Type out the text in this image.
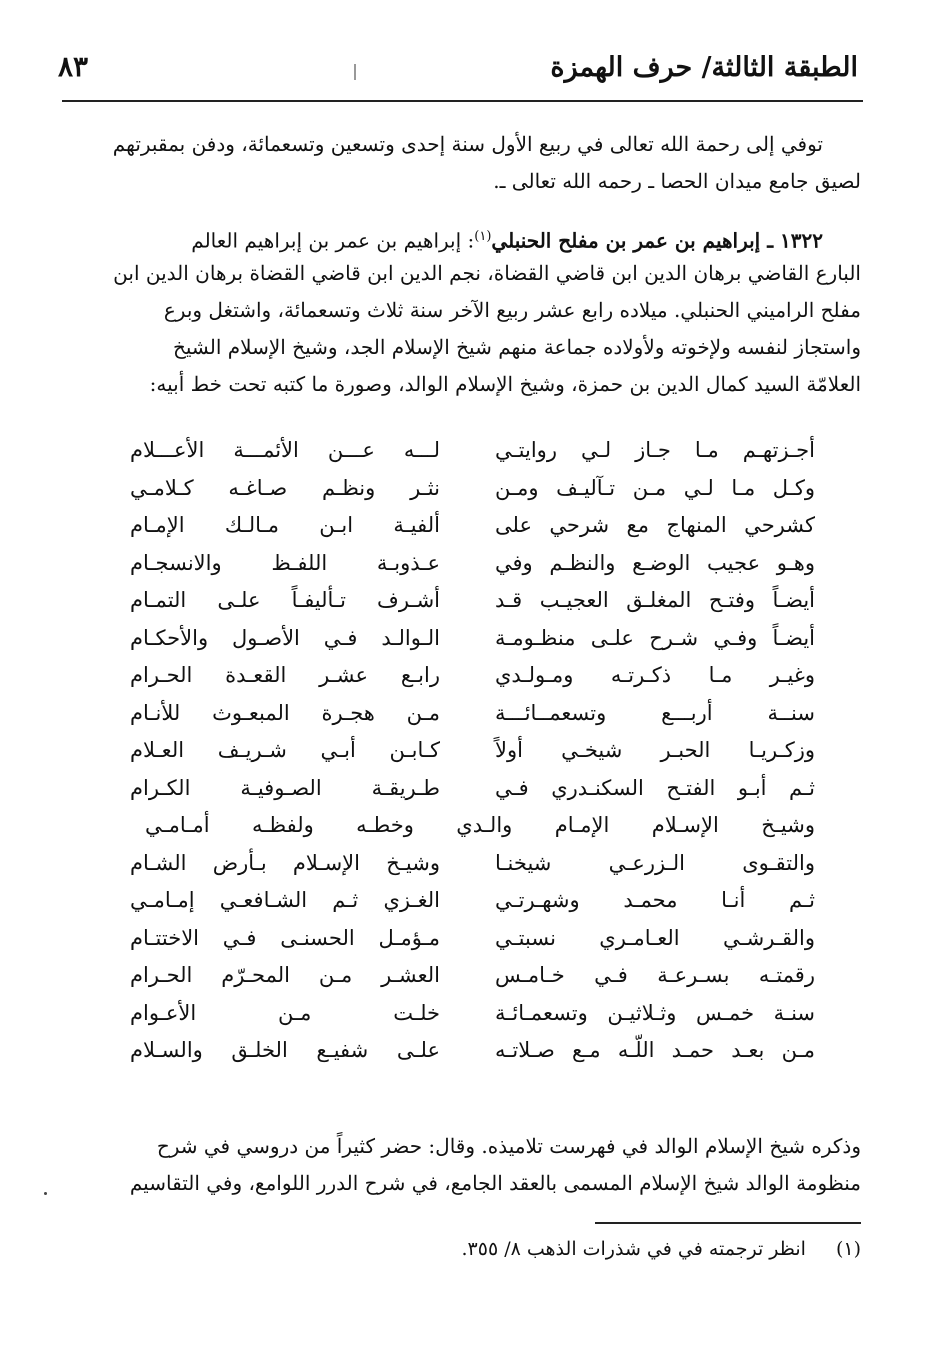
الطبقة الثالثة/ حرف الهمزة
٨٣
توفي إلى رحمة الله تعالى في ربيع الأول سنة إحدى وتسعين وتسعمائة، ودفن بمقبرتهم
لصيق جامع ميدان الحصا ـ رحمه الله تعالى ـ.
١٣٢٢ ـ إبراهيم بن عمر بن مفلح الحنبلي$^{(١)}$: إبراهيم بن عمر بن إبراهيم العالم
البارع القاضي برهان الدين ابن قاضي القضاة، نجم الدين ابن قاضي القضاة برهان الدين ابن
مفلح الراميني الحنبلي. ميلاده رابع عشر ربيع الآخر سنة ثلاث وتسعمائة، واشتغل وبرع
واستجاز لنفسه ولإخوته ولأولاده جماعة منهم شيخ الإسلام الجد، وشيخ الإسلام الشيخ
العلامّة السيد كمال الدين بن حمزة، وشيخ الإسلام الوالد، وصورة ما كتبه تحت خط أبيه:
أجـزتهـم مـا جـاز لـي روايتـي
لـــه عـــن الأئمـــة الأعـــلام
وكـل مـا لـي مـن تـآليـف ومـن
نثـر ونظـم صـاغـه كـلامـي
كشرحي المنهاج مع شرحي على
ألفيـة ابـن مـالـك الإمـام
وهـو عجيب الوضـع والنظـم وفي
عـذوبـة اللفـظ والانسجـام
أيضـاً وفتـح المغلـق العجيـب قـد
أشـرف تـأليفـاً علـى التمـام
أيضـاً وفـي شـرح علـى منظـومـة
الـوالـد فـي الأصـول والأحكـام
وغيـر مـا ذكـرتـه ومـولـدي
رابـع عشـر القعـدة الحـرام
سنــة أربـــع وتسعمــائـــة
مـن هجـرة المبعـوث للأنـام
وزكـريـا الحبـر شيخـي أولاً
كـابـن أبـي شـريـف العـلام
ثـم أبـو الفتـح السكنـدري فـي
طـريقـة الصـوفيـة الكـرام
وشيـخ الإسـلام الإمـام والـدي وخطـه ولفظـه أمـامـي
والتقـوى الـزرعـي شيخنـا
وشيـخ الإسـلام بـأرض الشـام
ثـم أنـا محمـد وشهـرتـي
الغـزي ثـم الشـافعـي إمـامـي
والقـرشـي العـامـري نسبتـي
مـؤمـل الحسنـى فـي الاختتـام
رقمتـه بسـرعـة فـي خـامـس
العشـر مـن المحـرّم الحـرام
سنـة خمـس وثـلاثيـن وتسعمـائـة
خلـت مـن الأعـوام
مـن بعـد حمـد اللّـه مـع صـلاتـه
علـى شفيـع الخلـق والسـلام
وذكره شيخ الإسلام الوالد في فهرست تلاميذه. وقال: حضر كثيراً من دروسي في شرح
منظومة الوالد شيخ الإسلام المسمى بالعقد الجامع، في شرح الدرر اللوامع، وفي التقاسيم
(١)انظر ترجمته في في شذرات الذهب ٨/ ٣٥٥.
